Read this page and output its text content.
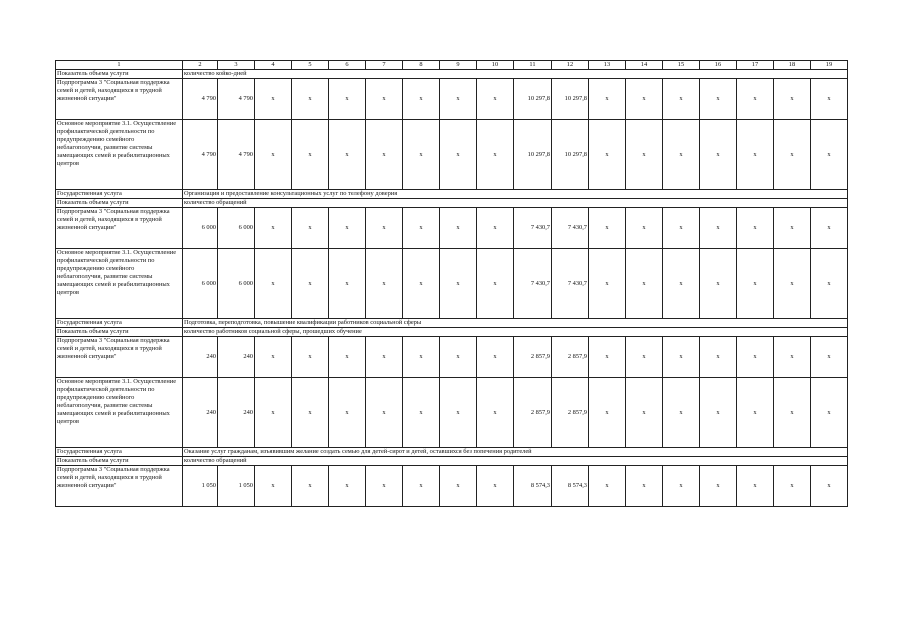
1	2	3	4	5	6	7	8	9	10	11	12	13	14	15	16	17	18	19
Показатель объема услуги	количество койко-дней																	
Подпрограмма 3 "Социальная поддержка семей и детей, находящихся в трудной жизненной ситуации"	4 790	4 790	х	х	х	х	х	х	х	10 297,8	10 297,8	х	х	х	х	х	х	х
Основное мероприятие 3.1. Осуществление профилактической деятельности по предупреждению семейного неблагополучия, развитие системы замещающих семей и реабилитационных центров	4 790	4 790	х	х	х	х	х	х	х	10 297,8	10 297,8	х	х	х	х	х	х	х
Государственная услуга	Организация и предоставление консультационных услуг по телефону доверия																	
Показатель объема услуги	количество обращений																	
Подпрограмма 3 "Социальная поддержка семей и детей, находящихся в трудной жизненной ситуации"	6 000	6 000	х	х	х	х	х	х	х	7 430,7	7 430,7	х	х	х	х	х	х	х
Основное мероприятие 3.1. Осуществление профилактической деятельности по предупреждению семейного неблагополучия, развитие системы замещающих семей и реабилитационных центров	6 000	6 000	х	х	х	х	х	х	х	7 430,7	7 430,7	х	х	х	х	х	х	х
Государственная услуга	Подготовка, переподготовка, повышение квалификации работников социальной сферы																	
Показатель объема услуги	количество работников социальной сферы, прошедших обучение																	
Подпрограмма 3 "Социальная поддержка семей и детей, находящихся в трудной жизненной ситуации"	240	240	х	х	х	х	х	х	х	2 857,9	2 857,9	х	х	х	х	х	х	х
Основное мероприятие 3.1. Осуществление профилактической деятельности по предупреждению семейного неблагополучия, развитие системы замещающих семей и реабилитационных центров	240	240	х	х	х	х	х	х	х	2 857,9	2 857,9	х	х	х	х	х	х	х
Государственная услуга	Оказание услуг гражданам, изъявившим желание создать семью для детей-сирот и детей, оставшихся без попечения родителей																	
Показатель объема услуги	количество обращений																	
Подпрограмма 3 "Социальная поддержка семей и детей, находящихся в трудной жизненной ситуации"	1 050	1 050	х	х	х	х	х	х	х	8 574,3	8 574,3	х	х	х	х	х	х	х
